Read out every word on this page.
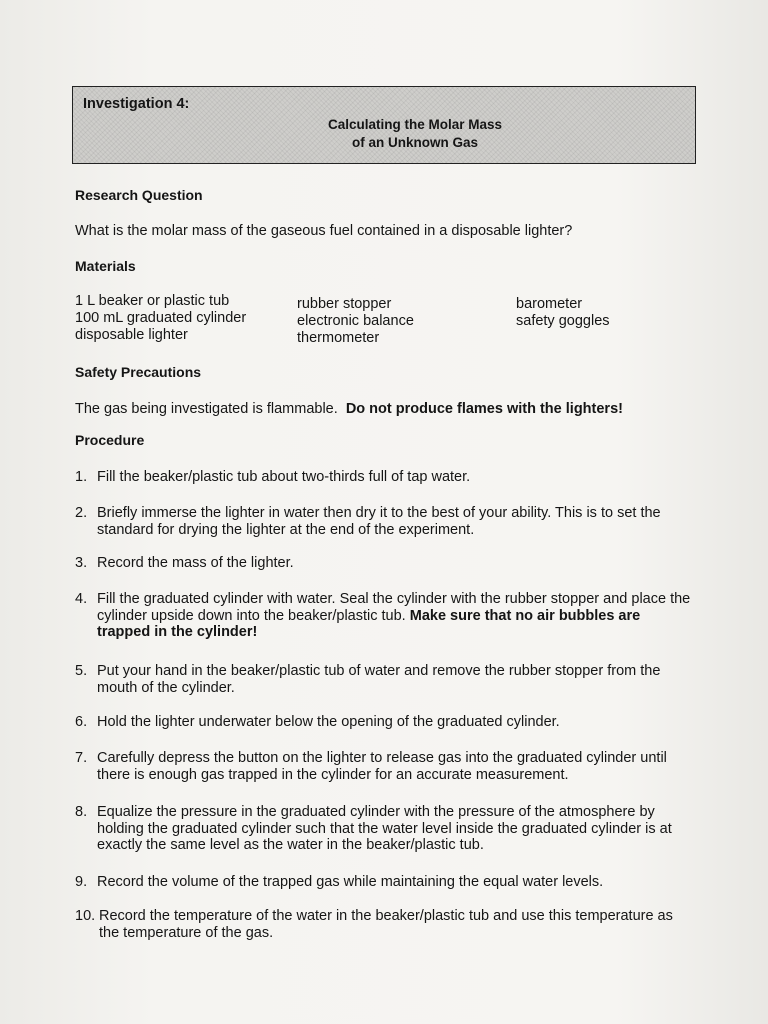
Investigation 4:
Calculating the Molar Mass
of an Unknown Gas
Research Question
What is the molar mass of the gaseous fuel contained in a disposable lighter?
Materials
1 L beaker or plastic tub
100 mL graduated cylinder
disposable lighter
rubber stopper
electronic balance
thermometer
barometer
safety goggles
Safety Precautions
The gas being investigated is flammable. Do not produce flames with the lighters!
Procedure
1. Fill the beaker/plastic tub about two-thirds full of tap water.
2. Briefly immerse the lighter in water then dry it to the best of your ability. This is to set the standard for drying the lighter at the end of the experiment.
3. Record the mass of the lighter.
4. Fill the graduated cylinder with water. Seal the cylinder with the rubber stopper and place the cylinder upside down into the beaker/plastic tub. Make sure that no air bubbles are trapped in the cylinder!
5. Put your hand in the beaker/plastic tub of water and remove the rubber stopper from the mouth of the cylinder.
6. Hold the lighter underwater below the opening of the graduated cylinder.
7. Carefully depress the button on the lighter to release gas into the graduated cylinder until there is enough gas trapped in the cylinder for an accurate measurement.
8. Equalize the pressure in the graduated cylinder with the pressure of the atmosphere by holding the graduated cylinder such that the water level inside the graduated cylinder is at exactly the same level as the water in the beaker/plastic tub.
9. Record the volume of the trapped gas while maintaining the equal water levels.
10. Record the temperature of the water in the beaker/plastic tub and use this temperature as the temperature of the gas.
